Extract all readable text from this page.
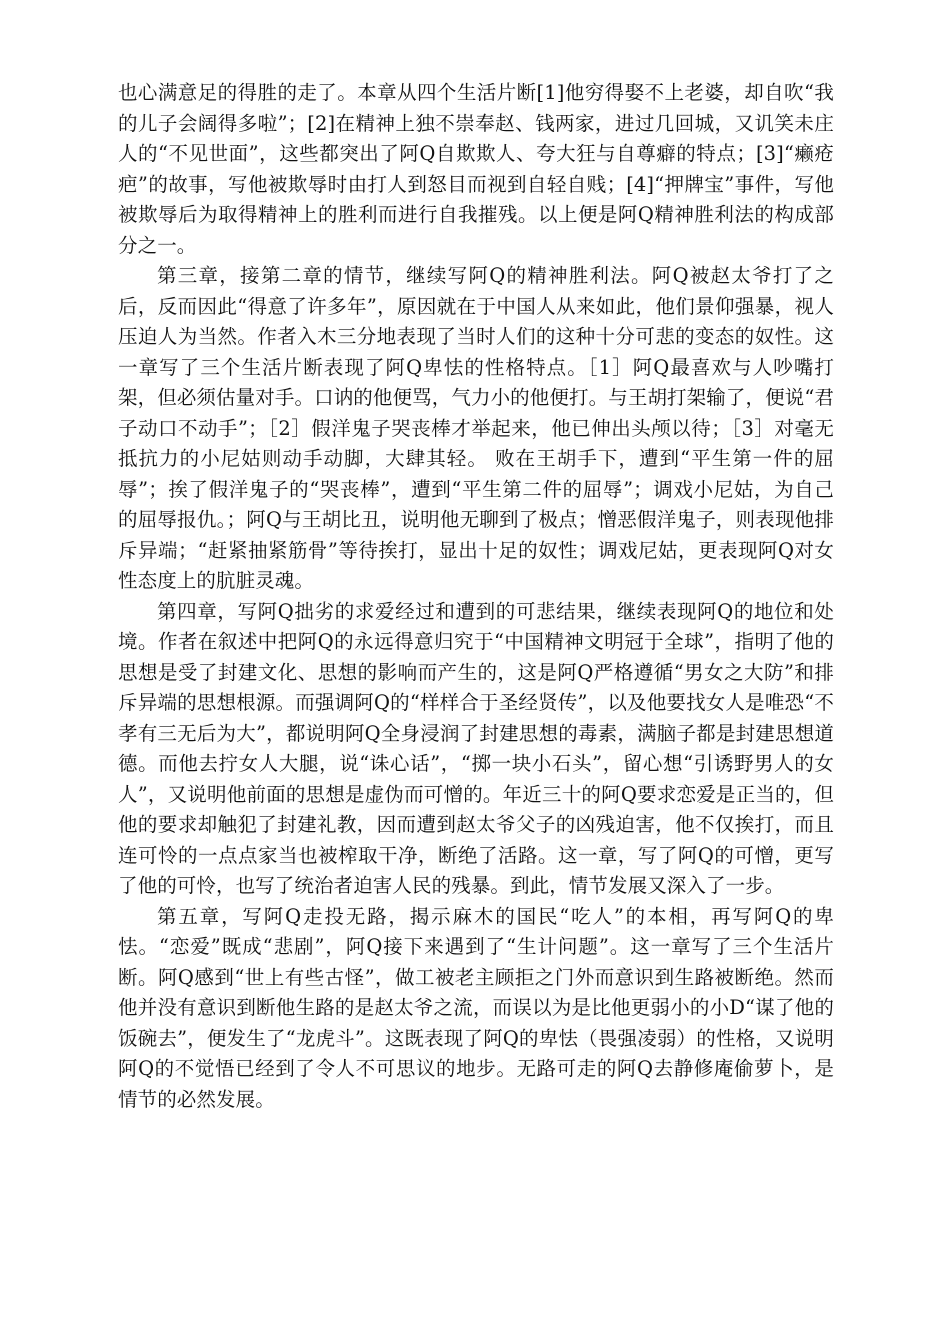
也心满意足的得胜的走了。本章从四个生活片断[1]他穷得娶不上老婆，却自吹“我的儿子会阔得多啦”；[2]在精神上独不崇奉赵、钱两家，进过几回城，又讥笑未庄人的“不见世面”，这些都突出了阿Q自欺欺人、夸大狂与自尊癖的特点；[3]“癞疮疤”的故事，写他被欺辱时由打人到怒目而视到自轻自贱；[4]“押牌宝”事件，写他被欺辱后为取得精神上的胜利而进行自我摧残。以上便是阿Q精神胜利法的构成部分之一。

第三章，接第二章的情节，继续写阿Q的精神胜利法。阿Q被赵太爷打了之后，反而因此“得意了许多年”，原因就在于中国人从来如此，他们景仰强暴，视人压迫人为当然。作者入木三分地表现了当时人们的这种十分可悲的变态的奴性。这一章写了三个生活片断表现了阿Q卑怯的性格特点。［1］阿Q最喜欢与人吵嘴打架，但必须估量对手。口讷的他便骂，气力小的他便打。与王胡打架输了，便说“君子动口不动手”；［2］假洋鬼子哭丧棒才举起来，他已伸出头颅以待；［3］对毫无抵抗力的小尼姑则动手动脚，大肆其轻。 败在王胡手下，遭到“平生第一件的屈辱”；挨了假洋鬼子的“哭丧棒”，遭到“平生第二件的屈辱”；调戏小尼姑，为自己的屈辱报仇。；阿Q与王胡比丑，说明他无聊到了极点；憎恶假洋鬼子，则表现他排斥异端；“赶紧抽紧筋骨”等待挨打，显出十足的奴性；调戏尼姑，更表现阿Q对女性态度上的肮脏灵魂。

第四章，写阿Q拙劣的求爱经过和遭到的可悲结果，继续表现阿Q的地位和处境。作者在叙述中把阿Q的永远得意归究于“中国精神文明冠于全球”，指明了他的思想是受了封建文化、思想的影响而产生的，这是阿Q严格遵循“男女之大防”和排斥异端的思想根源。而强调阿Q的“样样合于圣经贤传”，以及他要找女人是唯恐“不孝有三无后为大”，都说明阿Q全身浸润了封建思想的毒素，满脑子都是封建思想道德。而他去拧女人大腿，说“诛心话”，“掷一块小石头”，留心想“引诱野男人的女人”，又说明他前面的思想是虚伪而可憎的。年近三十的阿Q要求恋爱是正当的，但他的要求却触犯了封建礼教，因而遭到赵太爷父子的凶残迫害，他不仅挨打，而且连可怜的一点点家当也被榨取干净，断绝了活路。这一章，写了阿Q的可憎，更写了他的可怜，也写了统治者迫害人民的残暴。到此，情节发展又深入了一步。

第五章，写阿Q走投无路，揭示麻木的国民“吃人”的本相，再写阿Q的卑怯。“恋爱”既成“悲剧”，阿Q接下来遇到了“生计问题”。这一章写了三个生活片断。阿Q感到“世上有些古怪”，做工被老主顾拒之门外而意识到生路被断绝。然而他并没有意识到断他生路的是赵太爷之流，而误以为是比他更弱小的小D“谋了他的饭碗去”，便发生了“龙虎斗”。这既表现了阿Q的卑怯（畏强凌弱）的性格，又说明阿Q的不觉悟已经到了令人不可思议的地步。无路可走的阿Q去静修庵偷萝卜，是情节的必然发展。
